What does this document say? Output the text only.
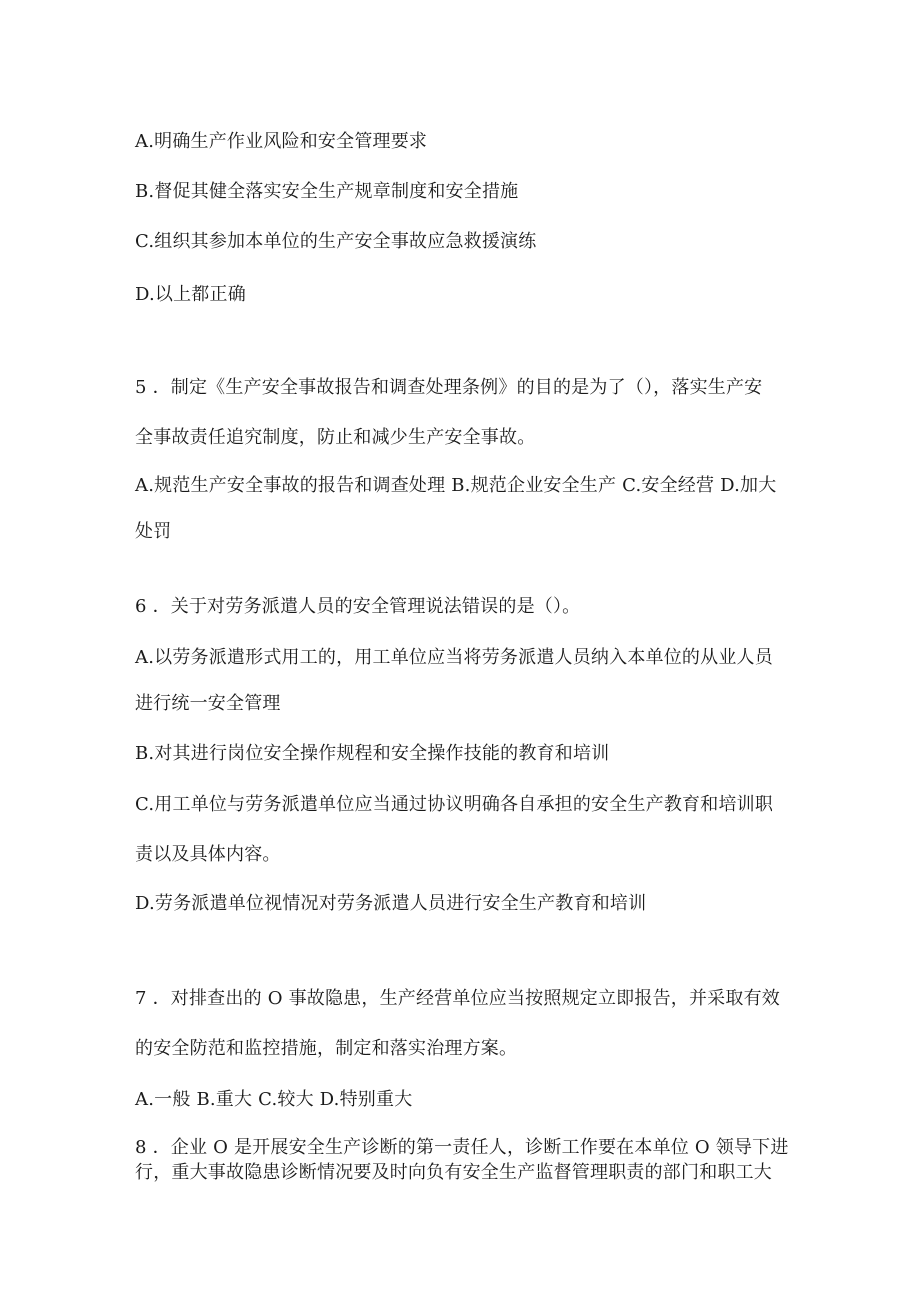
A.明确生产作业风险和安全管理要求
B.督促其健全落实安全生产规章制度和安全措施
C.组织其参加本单位的生产安全事故应急救援演练
D.以上都正确
5 ．制定《生产安全事故报告和调查处理条例》的目的是为了（），落实生产安
全事故责任追究制度，防止和减少生产安全事故。
A.规范生产安全事故的报告和调查处理 B.规范企业安全生产 C.安全经营 D.加大
处罚
6 ．关于对劳务派遣人员的安全管理说法错误的是（）。
A.以劳务派遣形式用工的，用工单位应当将劳务派遣人员纳入本单位的从业人员
进行统一安全管理
B.对其进行岗位安全操作规程和安全操作技能的教育和培训
C.用工单位与劳务派遣单位应当通过协议明确各自承担的安全生产教育和培训职
责以及具体内容。
D.劳务派遣单位视情况对劳务派遣人员进行安全生产教育和培训
7 ．对排查出的 O 事故隐患，生产经营单位应当按照规定立即报告，并采取有效
的安全防范和监控措施，制定和落实治理方案。
A.一般 B.重大 C.较大 D.特别重大
8 ．企业 O 是开展安全生产诊断的第一责任人，诊断工作要在本单位 O 领导下进
行，重大事故隐患诊断情况要及时向负有安全生产监督管理职责的部门和职工大
